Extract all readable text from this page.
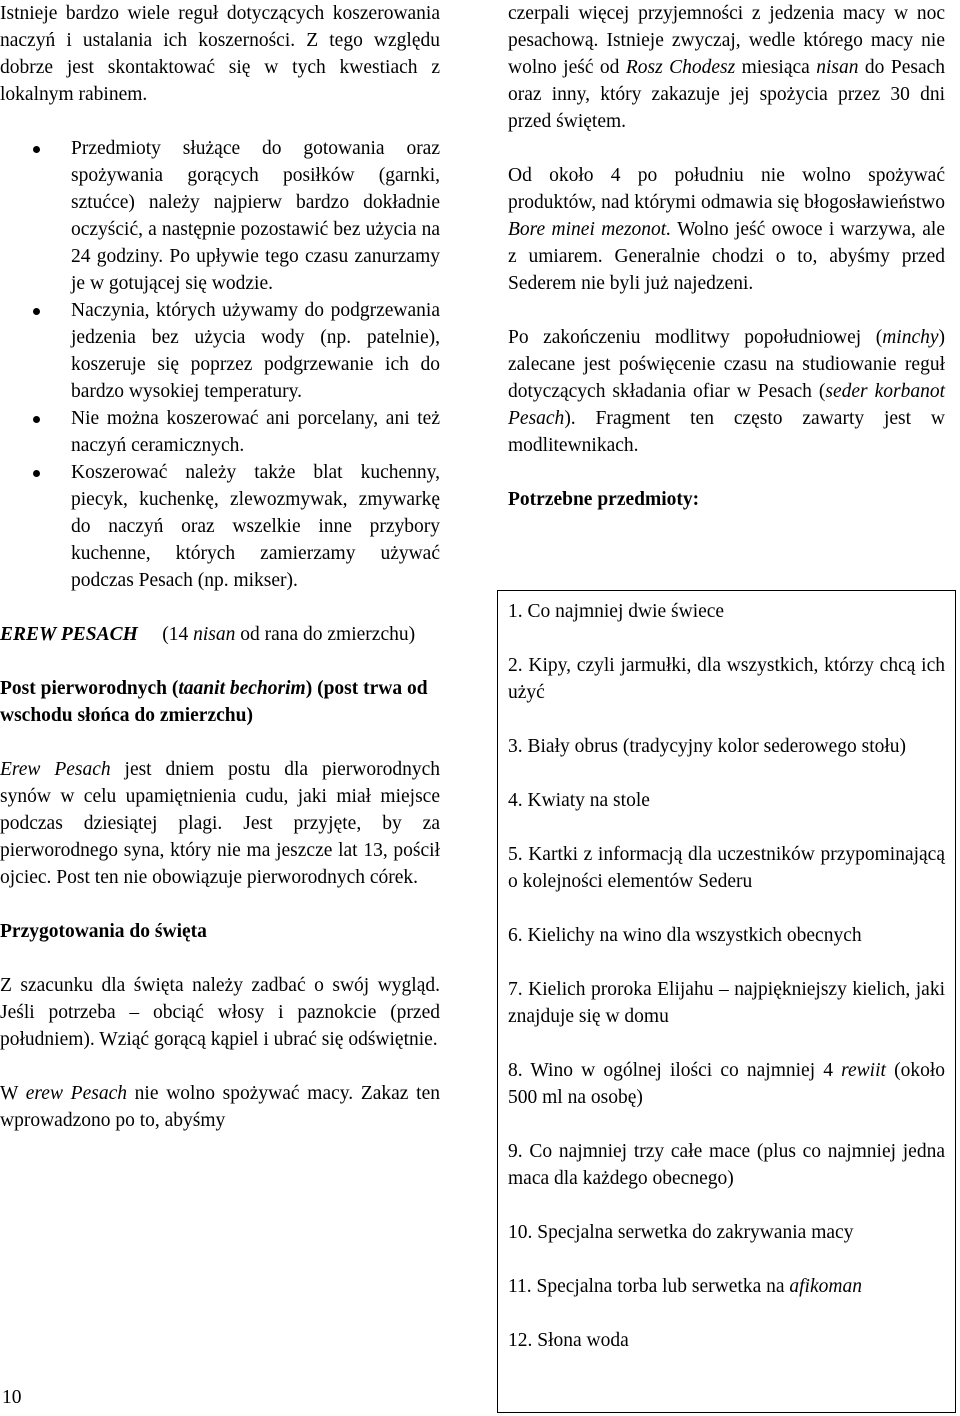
Istnieje bardzo wiele reguł dotyczących koszerowania naczyń i ustalania ich koszerności. Z tego względu dobrze jest skontaktować się w tych kwestiach z lokalnym rabinem.

Przedmioty służące do gotowania oraz spożywania gorących posiłków (garnki, sztućce) należy najpierw bardzo dokładnie oczyścić, a następnie pozostawić bez użycia na 24 godziny. Po upływie tego czasu zanurzamy je w gotującej się wodzie.
Naczynia, których używamy do podgrzewania jedzenia bez użycia wody (np. patelnie), koszeruje się poprzez podgrzewanie ich do bardzo wysokiej temperatury.
Nie można koszerować ani porcelany, ani też naczyń ceramicznych.
Koszerować należy także blat kuchenny, piecyk, kuchenkę, zlewozmywak, zmywarkę do naczyń oraz wszelkie inne przybory kuchenne, których zamierzamy używać podczas Pesach (np. mikser).

EREW PESACH (14 nisan od rana do zmierzchu)

Post pierworodnych (taanit bechorim) (post trwa od wschodu słońca do zmierzchu)

Erew Pesach jest dniem postu dla pierworodnych synów w celu upamiętnienia cudu, jaki miał miejsce podczas dziesiątej plagi. Jest przyjęte, by za pierworodnego syna, który nie ma jeszcze lat 13, pościł ojciec. Post ten nie obowiązuje pierworodnych córek.

Przygotowania do święta

Z szacunku dla święta należy zadbać o swój wygląd. Jeśli potrzeba – obciąć włosy i paznokcie (przed południem). Wziąć gorącą kąpiel i ubrać się odświętnie.

W erew Pesach nie wolno spożywać macy. Zakaz ten wprowadzono po to, abyśmy

10

czerpali więcej przyjemności z jedzenia macy w noc pesachową. Istnieje zwyczaj, wedle którego macy nie wolno jeść od Rosz Chodesz miesiąca nisan do Pesach oraz inny, który zakazuje jej spożycia przez 30 dni przed świętem.

Od około 4 po południu nie wolno spożywać produktów, nad którymi odmawia się błogosławieństwo Bore minei mezonot. Wolno jeść owoce i warzywa, ale z umiarem. Generalnie chodzi o to, abyśmy przed Sederem nie byli już najedzeni.

Po zakończeniu modlitwy popołudniowej (minchy) zalecane jest poświęcenie czasu na studiowanie reguł dotyczących składania ofiar w Pesach (seder korbanot Pesach). Fragment ten często zawarty jest w modlitewnikach.

Potrzebne przedmioty:

1. Co najmniej dwie świece
2. Kipy, czyli jarmułki, dla wszystkich, którzy chcą ich użyć
3. Biały obrus (tradycyjny kolor sederowego stołu)
4. Kwiaty na stole
5. Kartki z informacją dla uczestników przypominającą o kolejności elementów Sederu
6. Kielichy na wino dla wszystkich obecnych
7. Kielich proroka Elijahu – najpiękniejszy kielich, jaki znajduje się w domu
8. Wino w ogólnej ilości co najmniej 4 rewiit (około 500 ml na osobę)
9. Co najmniej trzy całe mace (plus co najmniej jedna maca dla każdego obecnego)
10. Specjalna serwetka do zakrywania macy
11. Specjalna torba lub serwetka na afikoman
12. Słona woda
